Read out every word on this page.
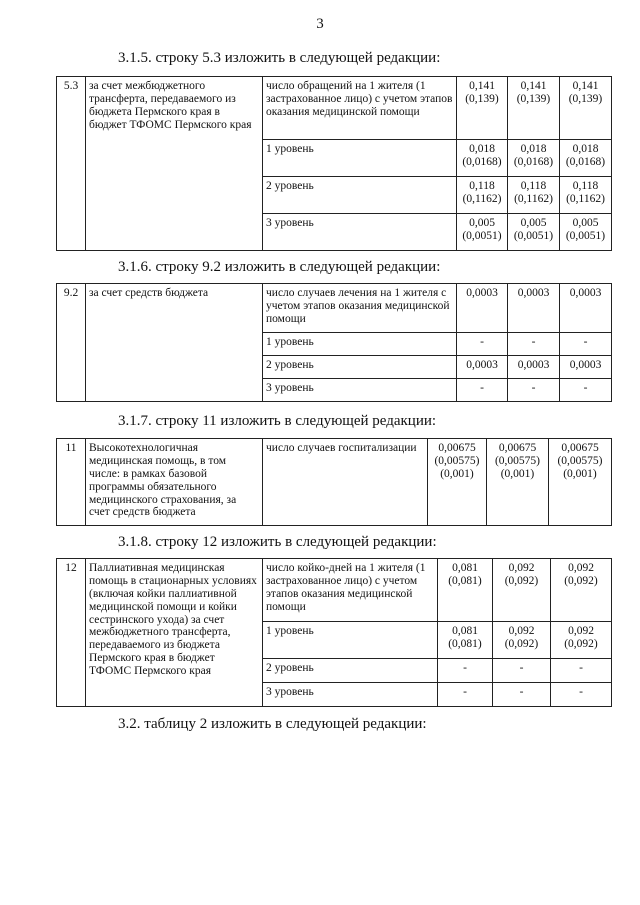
3
3.1.5. строку 5.3 изложить в следующей редакции:
5.3	за счет межбюджетного трансферта, передаваемого из бюджета Пермского края в бюджет ТФОМС Пермского края	число обращений на 1 жителя (1 застрахованное лицо) с учетом этапов оказания медицинской помощи	0,141 (0,139)	0,141 (0,139)	0,141 (0,139)
		1 уровень	0,018 (0,0168)	0,018 (0,0168)	0,018 (0,0168)
		2 уровень	0,118 (0,1162)	0,118 (0,1162)	0,118 (0,1162)
		3 уровень	0,005 (0,0051)	0,005 (0,0051)	0,005 (0,0051)
3.1.6. строку 9.2 изложить в следующей редакции:
9.2	за счет средств бюджета	число случаев лечения на 1 жителя с учетом этапов оказания медицинской помощи	0,0003	0,0003	0,0003
		1 уровень	-	-	-
		2 уровень	0,0003	0,0003	0,0003
		3 уровень	-	-	-
3.1.7. строку 11 изложить в следующей редакции:
11	Высокотехнологичная медицинская помощь, в том числе: в рамках базовой программы обязательного медицинского страхования, за счет средств бюджета	число случаев госпитализации	0,00675 (0,00575) (0,001)	0,00675 (0,00575) (0,001)	0,00675 (0,00575) (0,001)
3.1.8. строку 12 изложить в следующей редакции:
12	Паллиативная медицинская помощь в стационарных условиях (включая койки паллиативной медицинской помощи и койки сестринского ухода) за счет межбюджетного трансферта, передаваемого из бюджета Пермского края в бюджет ТФОМС Пермского края	число койко-дней на 1 жителя (1 застрахованное лицо) с учетом этапов оказания медицинской помощи	0,081 (0,081)	0,092 (0,092)	0,092 (0,092)
		1 уровень	0,081 (0,081)	0,092 (0,092)	0,092 (0,092)
		2 уровень	-	-	-
		3 уровень	-	-	-
3.2. таблицу 2 изложить в следующей редакции:
